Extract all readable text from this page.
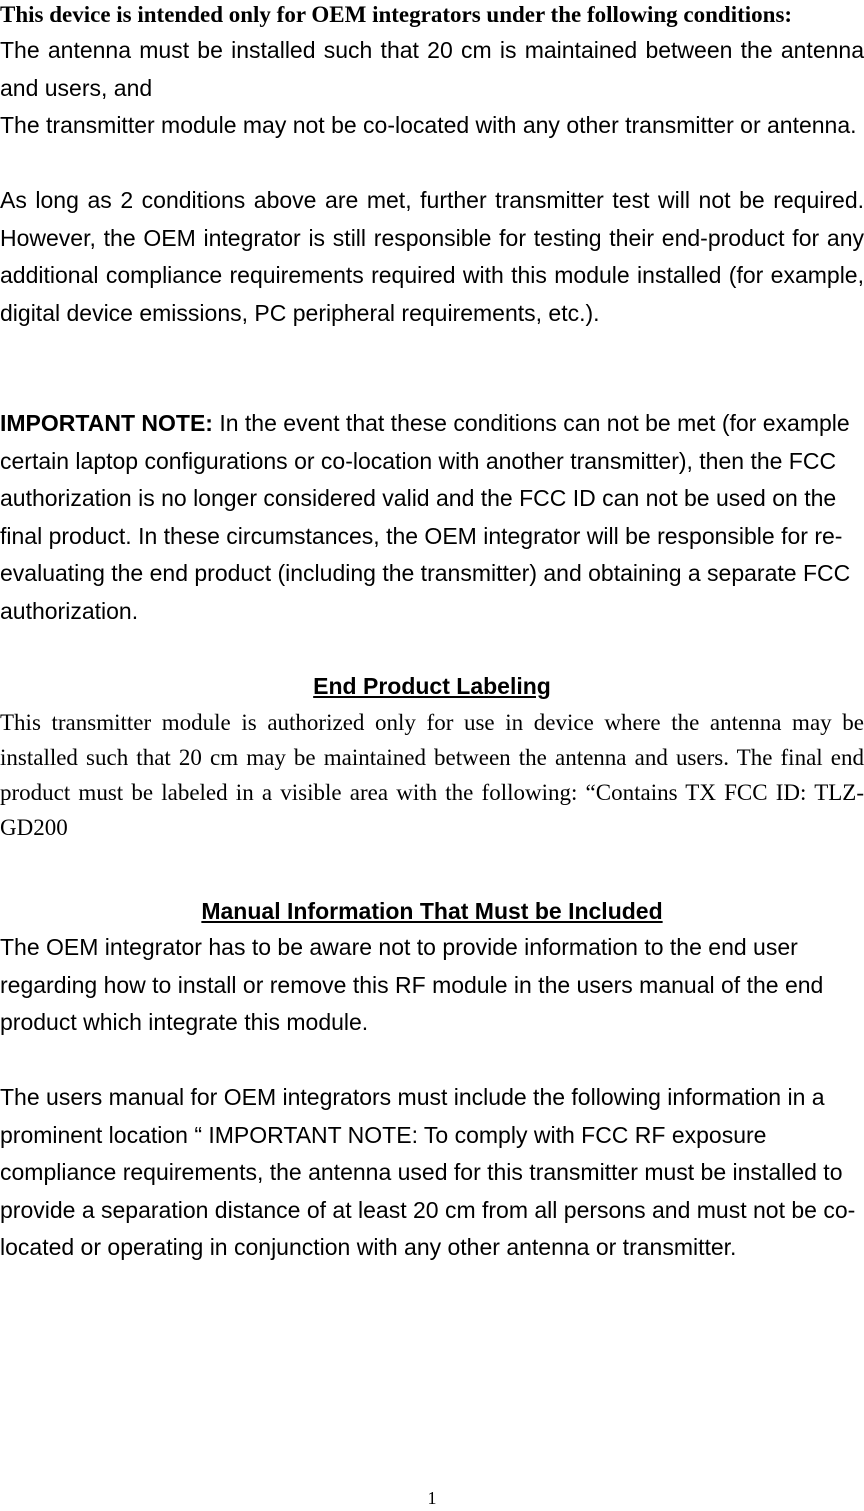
This device is intended only for OEM integrators under the following conditions:

The antenna must be installed such that 20 cm is maintained between the antenna and users, and

The transmitter module may not be co-located with any other transmitter or antenna.

As long as 2 conditions above are met, further transmitter test will not be required. However, the OEM integrator is still responsible for testing their end-product for any additional compliance requirements required with this module installed (for example, digital device emissions, PC peripheral requirements, etc.).

IMPORTANT NOTE: In the event that these conditions can not be met (for example certain laptop configurations or co-location with another transmitter), then the FCC authorization is no longer considered valid and the FCC ID can not be used on the final product. In these circumstances, the OEM integrator will be responsible for re-evaluating the end product (including the transmitter) and obtaining a separate FCC authorization.

End Product Labeling

This transmitter module is authorized only for use in device where the antenna may be installed such that 20 cm may be maintained between the antenna and users. The final end product must be labeled in a visible area with the following: “Contains TX FCC ID: TLZ-GD200

Manual Information That Must be Included

The OEM integrator has to be aware not to provide information to the end user regarding how to install or remove this RF module in the users manual of the end product which integrate this module.

The users manual for OEM integrators must include the following information in a prominent location “ IMPORTANT NOTE: To comply with FCC RF exposure compliance requirements, the antenna used for this transmitter must be installed to provide a separation distance of at least 20 cm from all persons and must not be co-located or operating in conjunction with any other antenna or transmitter.

1
